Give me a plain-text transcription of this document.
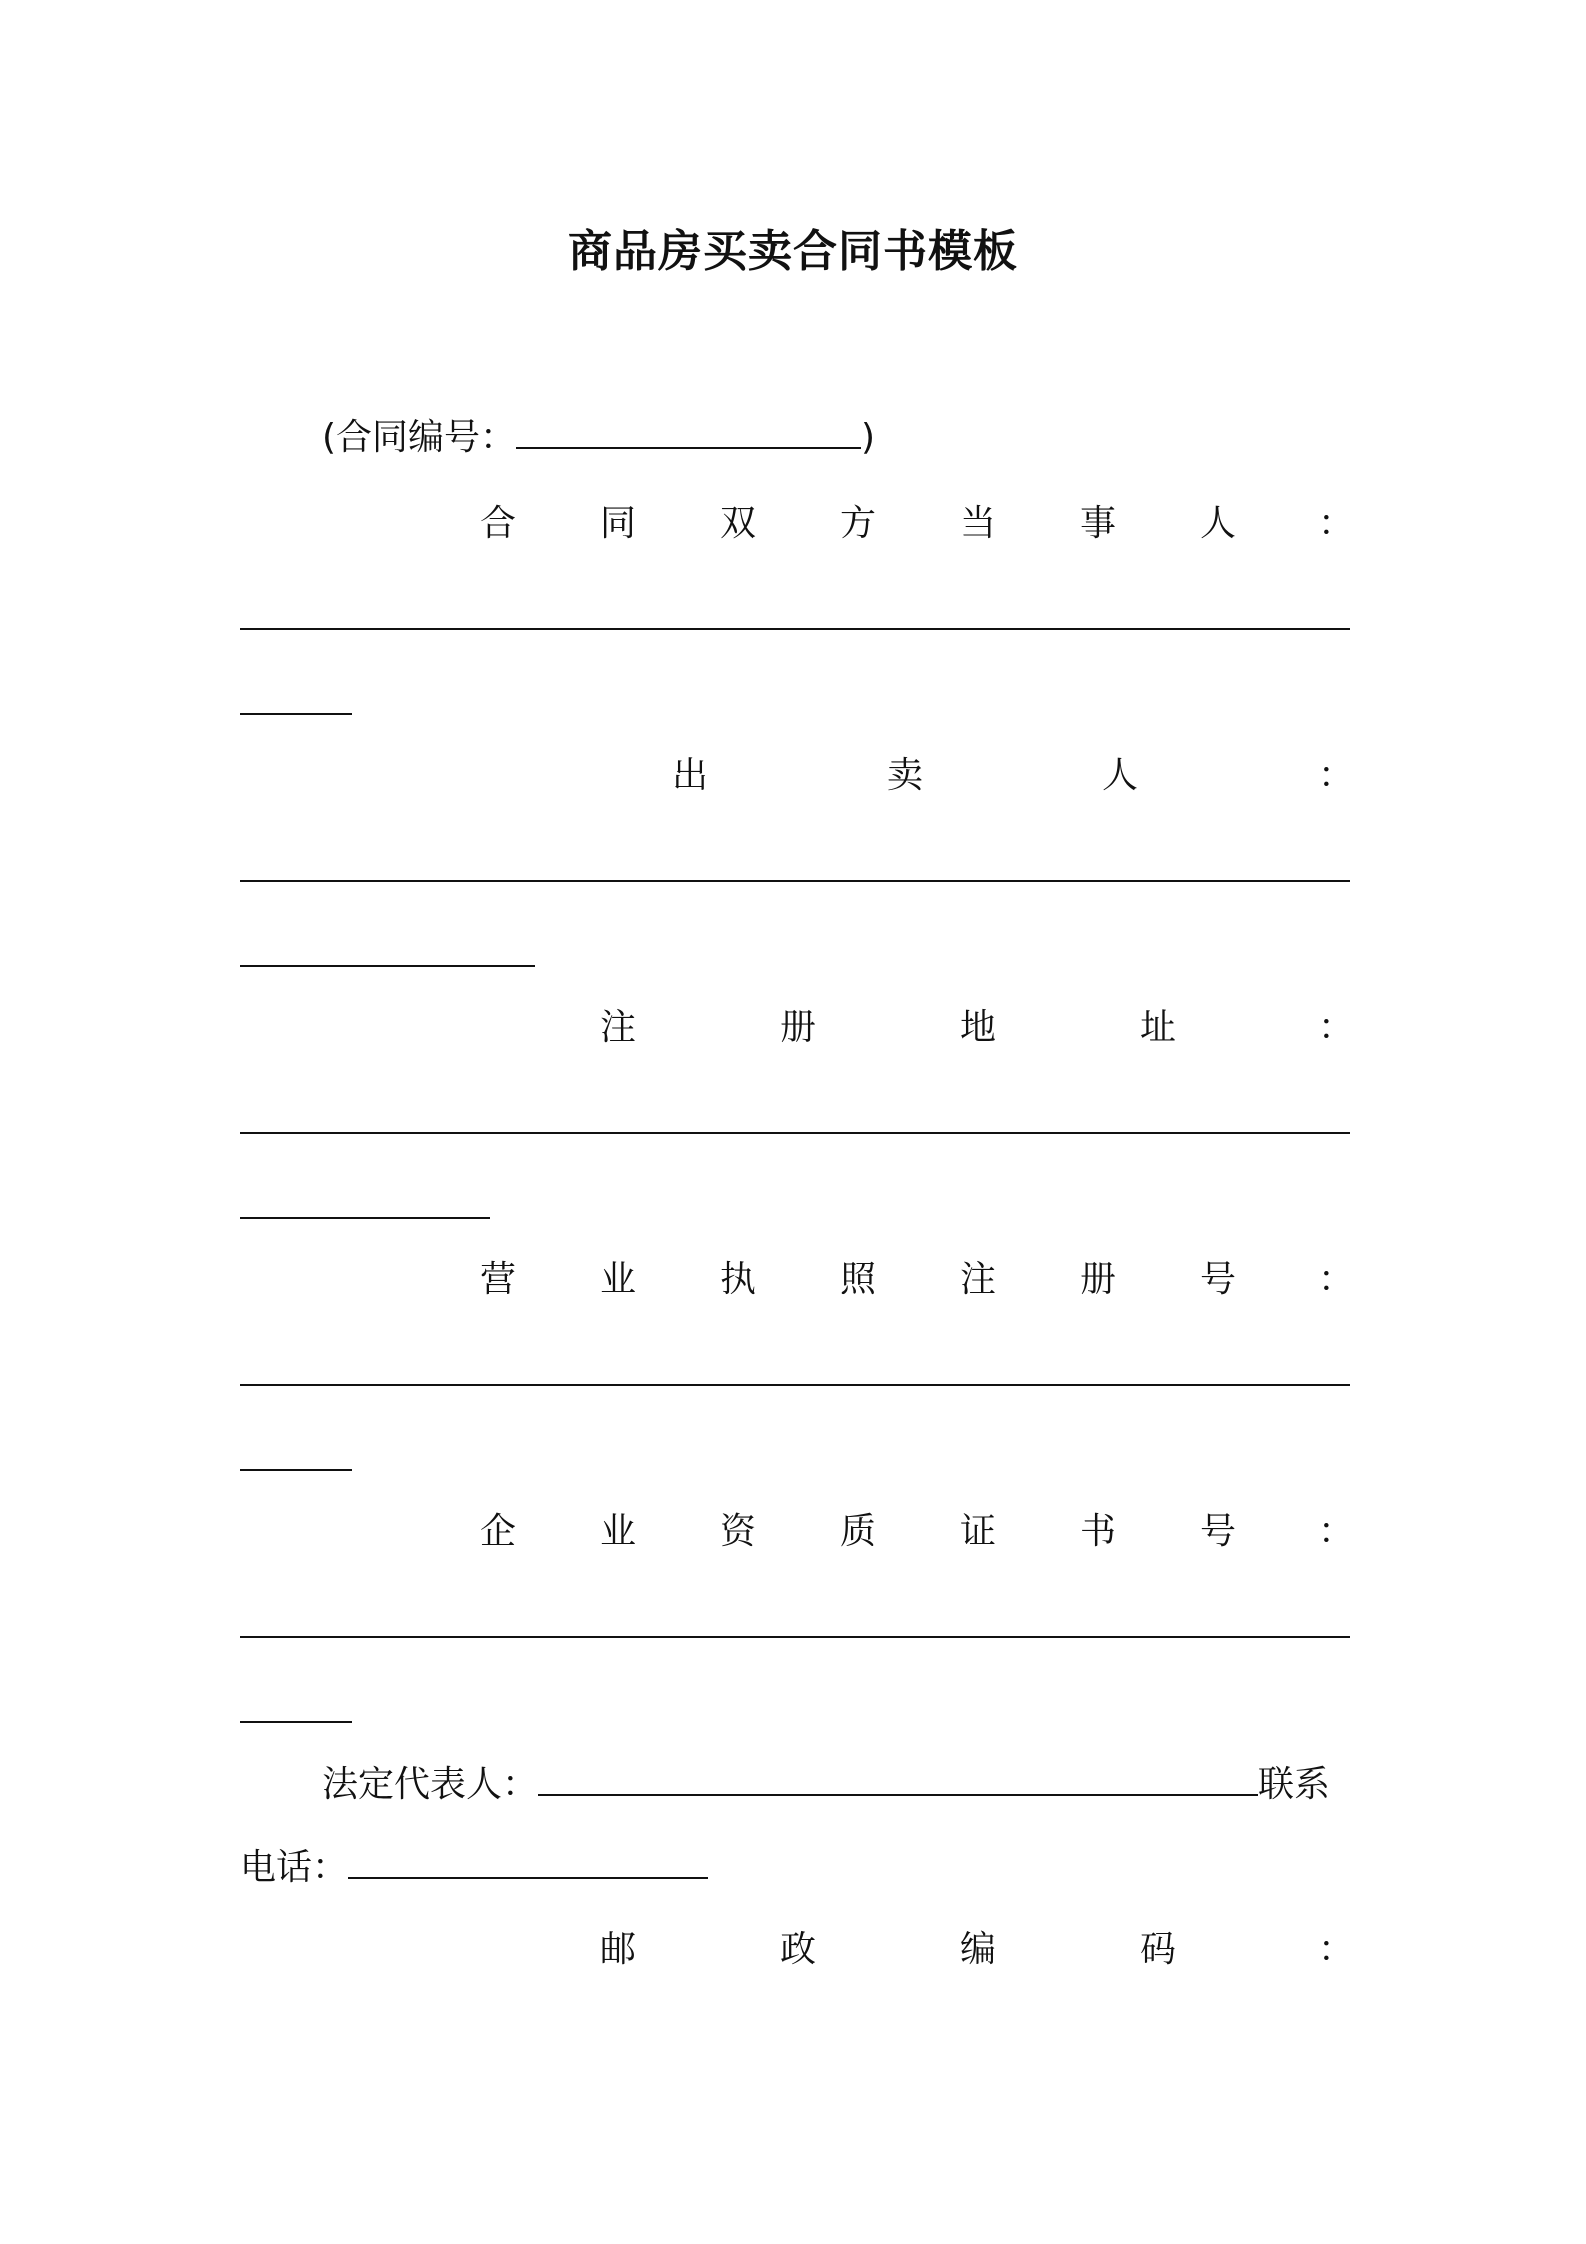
商品房买卖合同书模板
(合同编号：	)
合 同 双 方 当 事 人 ：
出	卖	人	：
注	册	地	址	：
营 业 执 照 注 册 号 ：
企 业 资 质 证 书 号 ：
法定代表人：	联系
电话：
邮	政	编	码	：
